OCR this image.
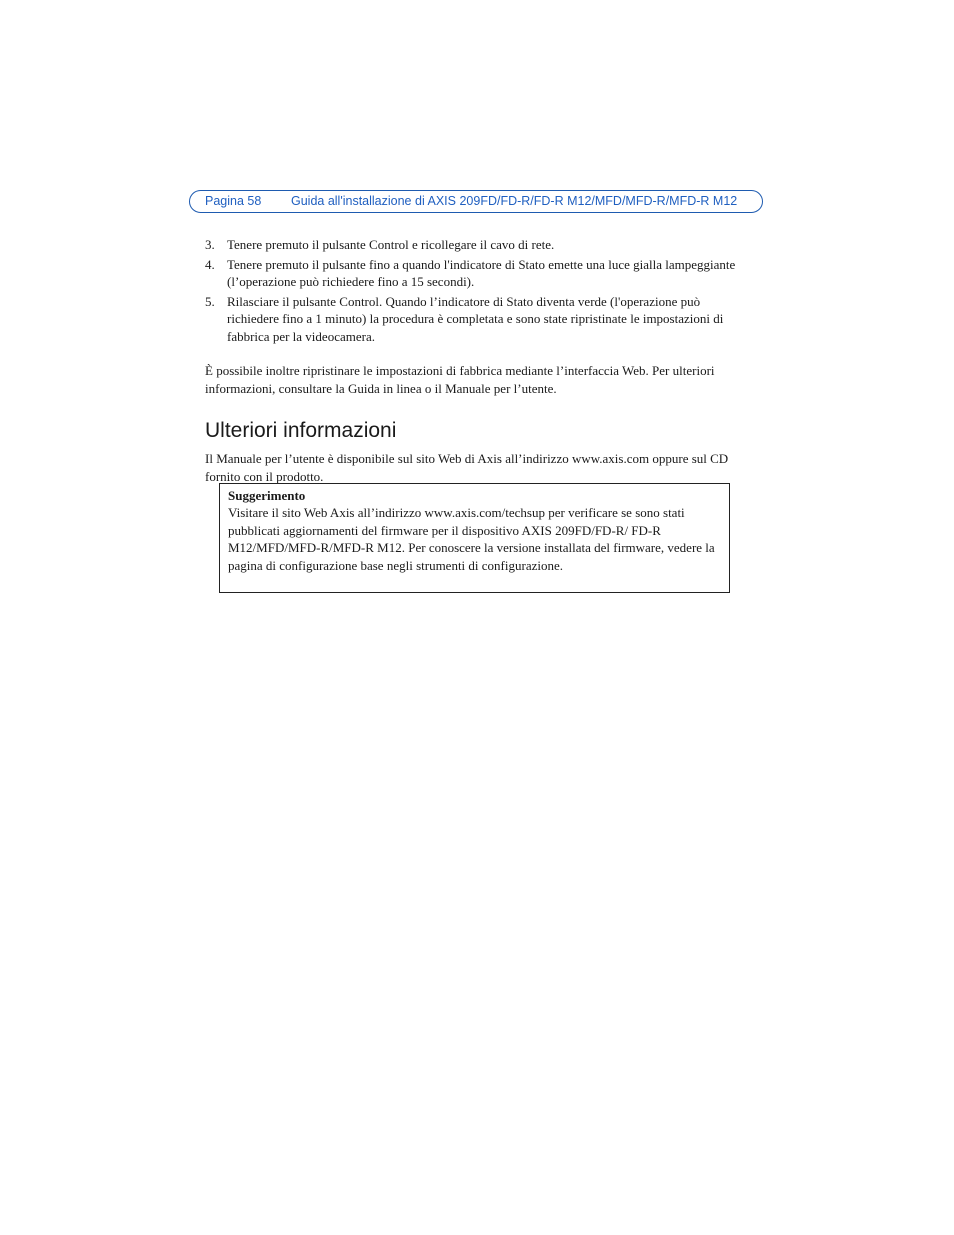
Pagina 58 Guida all'installazione di AXIS 209FD/FD-R/FD-R M12/MFD/MFD-R/MFD-R M12
3. Tenere premuto il pulsante Control e ricollegare il cavo di rete.
4. Tenere premuto il pulsante fino a quando l'indicatore di Stato emette una luce gialla lampeggiante (l’operazione può richiedere fino a 15 secondi).
5. Rilasciare il pulsante Control. Quando l’indicatore di Stato diventa verde (l'operazione può richiedere fino a 1 minuto) la procedura è completata e sono state ripristinate le impostazioni di fabbrica per la videocamera.

È possibile inoltre ripristinare le impostazioni di fabbrica mediante l’interfaccia Web. Per ulteriori informazioni, consultare la Guida in linea o il Manuale per l’utente.

Ulteriori informazioni

Il Manuale per l’utente è disponibile sul sito Web di Axis all’indirizzo www.axis.com oppure sul CD fornito con il prodotto.

Suggerimento
Visitare il sito Web Axis all’indirizzo www.axis.com/techsup per verificare se sono stati pubblicati aggiornamenti del firmware per il dispositivo AXIS 209FD/FD-R/ FD-R M12/MFD/MFD-R/MFD-R M12. Per conoscere la versione installata del firmware, vedere la pagina di configurazione base negli strumenti di configurazione.
